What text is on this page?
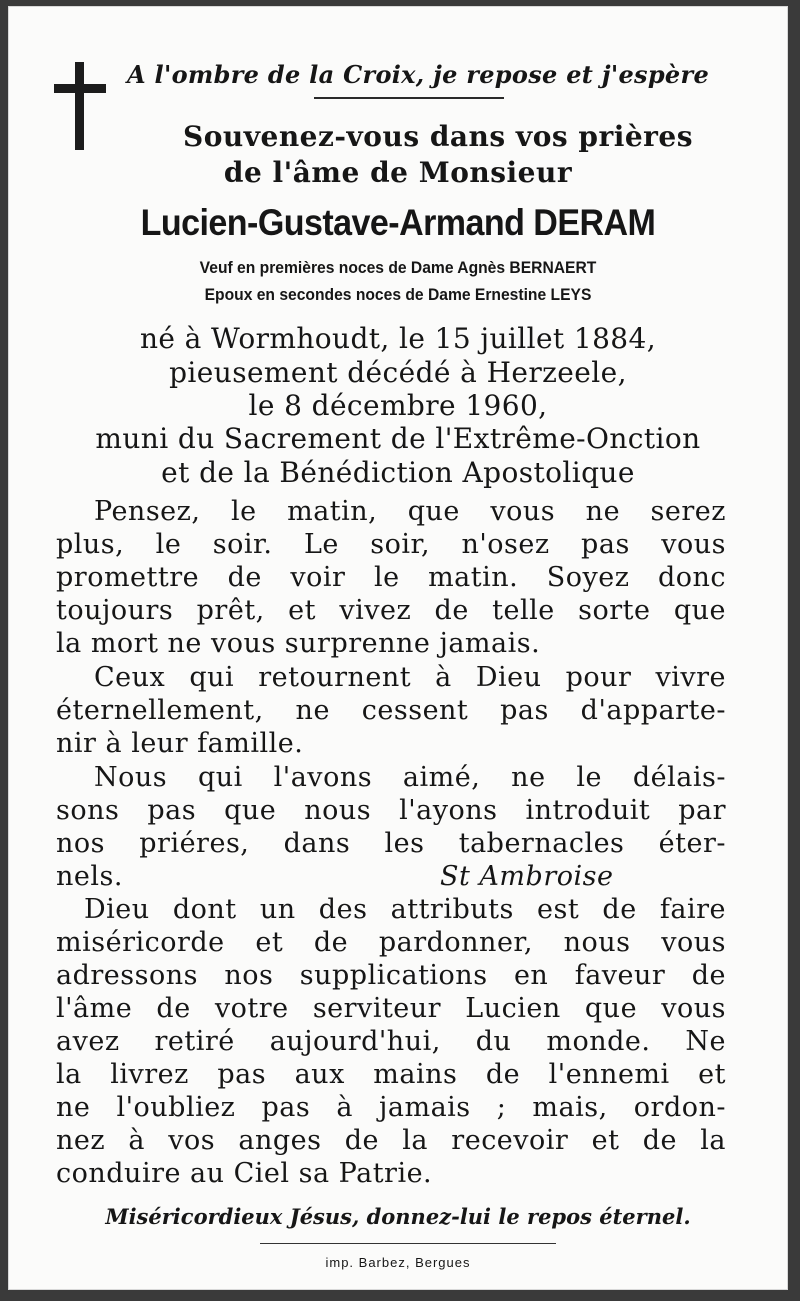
A l'ombre de la Croix, je repose et j'espère
Souvenez-vous dans vos prières
de l'âme de Monsieur
Lucien-Gustave-Armand DERAM
Veuf en premières noces de Dame Agnès BERNAERT
Epoux en secondes noces de Dame Ernestine LEYS
né à Wormhoudt, le 15 juillet 1884,
pieusement décédé à Herzeele,
le 8 décembre 1960,
muni du Sacrement de l'Extrême-Onction
et de la Bénédiction Apostolique
Pensez, le matin, que vous ne serez
plus, le soir. Le soir, n'osez pas vous
promettre de voir le matin. Soyez donc
toujours prêt, et vivez de telle sorte que
la mort ne vous surprenne jamais.
Ceux qui retournent à Dieu pour vivre
éternellement, ne cessent pas d'apparte-
nir à leur famille.
Nous qui l'avons aimé, ne le délais-
sons pas que nous l'ayons introduit par
nos priéres, dans les tabernacles éter-
nels.	St Ambroise
Dieu dont un des attributs est de faire
miséricorde et de pardonner, nous vous
adressons nos supplications en faveur de
l'âme de votre serviteur Lucien que vous
avez retiré aujourd'hui, du monde. Ne
la livrez pas aux mains de l'ennemi et
ne l'oubliez pas à jamais ; mais, ordon-
nez à vos anges de la recevoir et de la
conduire au Ciel sa Patrie.
Miséricordieux Jésus, donnez-lui le repos éternel.
imp. Barbez, Bergues
